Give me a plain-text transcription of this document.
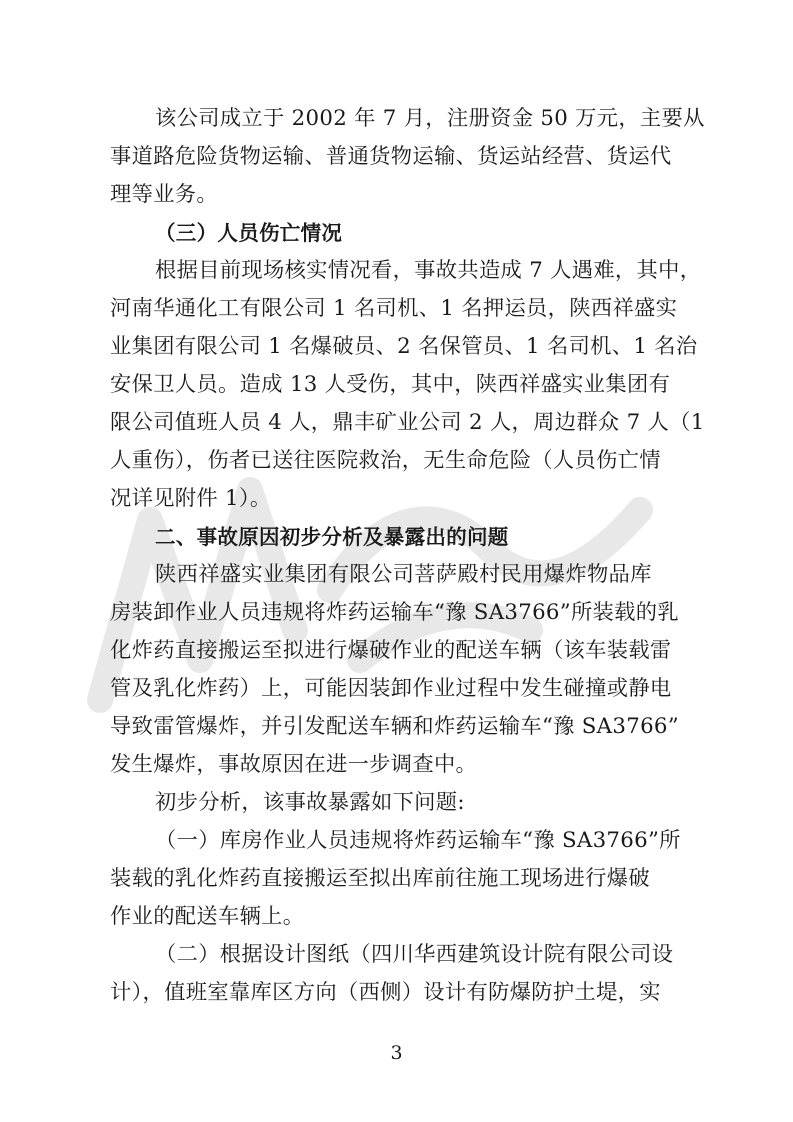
该公司成立于 2002 年 7 月，注册资金 50 万元，主要从
事道路危险货物运输、普通货物运输、货运站经营、货运代
理等业务。
（三）人员伤亡情况
根据目前现场核实情况看，事故共造成 7 人遇难，其中，
河南华通化工有限公司 1 名司机、1 名押运员，陕西祥盛实
业集团有限公司 1 名爆破员、2 名保管员、1 名司机、1 名治
安保卫人员。造成 13 人受伤，其中，陕西祥盛实业集团有
限公司值班人员 4 人，鼎丰矿业公司 2 人，周边群众 7 人（1
人重伤），伤者已送往医院救治，无生命危险（人员伤亡情
况详见附件 1）。
二、事故原因初步分析及暴露出的问题
陕西祥盛实业集团有限公司菩萨殿村民用爆炸物品库
房装卸作业人员违规将炸药运输车“豫 SA3766”所装载的乳
化炸药直接搬运至拟进行爆破作业的配送车辆（该车装载雷
管及乳化炸药）上，可能因装卸作业过程中发生碰撞或静电
导致雷管爆炸，并引发配送车辆和炸药运输车“豫 SA3766”
发生爆炸，事故原因在进一步调查中。
初步分析，该事故暴露如下问题:
（一）库房作业人员违规将炸药运输车“豫 SA3766”所
装载的乳化炸药直接搬运至拟出库前往施工现场进行爆破
作业的配送车辆上。
（二）根据设计图纸（四川华西建筑设计院有限公司设
计），值班室靠库区方向（西侧）设计有防爆防护土堤，实
3
